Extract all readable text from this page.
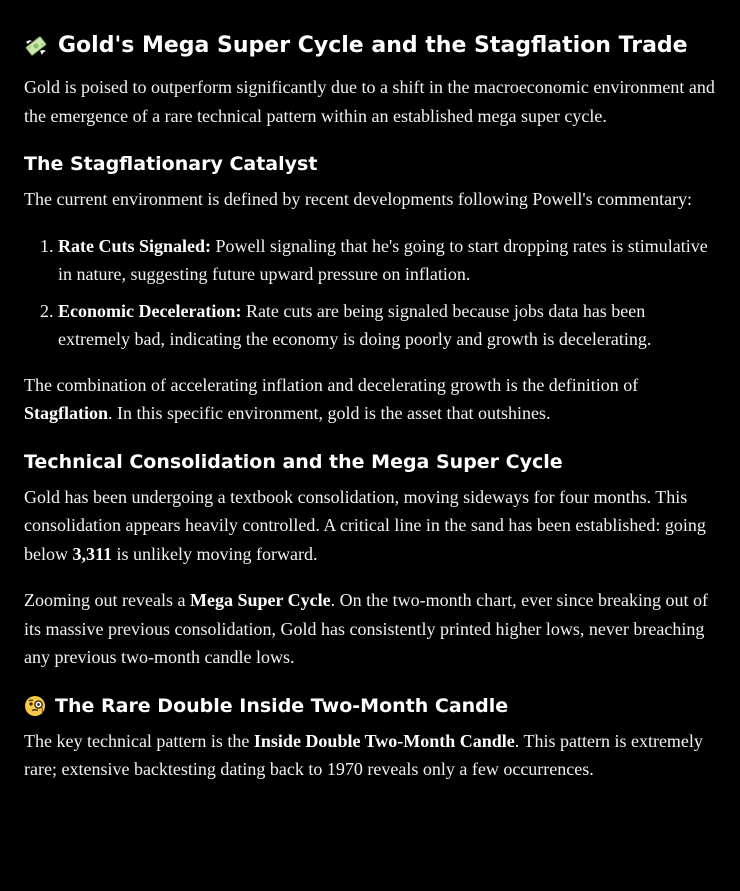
Gold's Mega Super Cycle and the Stagflation Trade

Gold is poised to outperform significantly due to a shift in the macroeconomic environment and the emergence of a rare technical pattern within an established mega super cycle.

The Stagflationary Catalyst

The current environment is defined by recent developments following Powell's commentary:

1. Rate Cuts Signaled: Powell signaling that he's going to start dropping rates is stimulative in nature, suggesting future upward pressure on inflation.
2. Economic Deceleration: Rate cuts are being signaled because jobs data has been extremely bad, indicating the economy is doing poorly and growth is decelerating.

The combination of accelerating inflation and decelerating growth is the definition of Stagflation. In this specific environment, gold is the asset that outshines.

Technical Consolidation and the Mega Super Cycle

Gold has been undergoing a textbook consolidation, moving sideways for four months. This consolidation appears heavily controlled. A critical line in the sand has been established: going below 3,311 is unlikely moving forward.

Zooming out reveals a Mega Super Cycle. On the two-month chart, ever since breaking out of its massive previous consolidation, Gold has consistently printed higher lows, never breaching any previous two-month candle lows.

The Rare Double Inside Two-Month Candle

The key technical pattern is the Inside Double Two-Month Candle. This pattern is extremely rare; extensive backtesting dating back to 1970 reveals only a few occurrences.
